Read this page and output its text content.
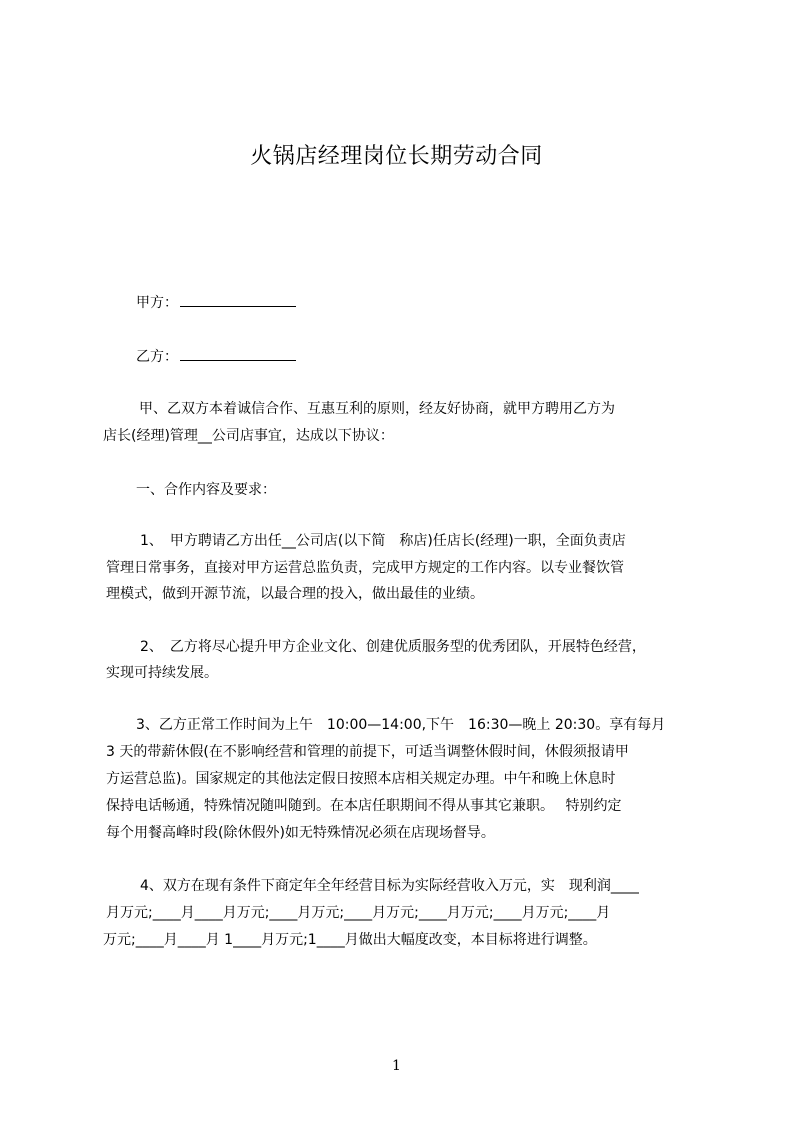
火锅店经理岗位长期劳动合同
甲方：
乙方：
甲、乙双方本着诚信合作、互惠互利的原则，经友好协商，就甲方聘用乙方为
店长(经理)管理__公司店事宜，达成以下协议：
一、合作内容及要求：
1、　甲方聘请乙方出任__公司店(以下简　称店)任店长(经理)一职，全面负责店
管理日常事务，直接对甲方运营总监负责，完成甲方规定的工作内容。以专业餐饮管
理模式，做到开源节流，以最合理的投入，做出最佳的业绩。
2、　乙方将尽心提升甲方企业文化、创建优质服务型的优秀团队，开展特色经营，
实现可持续发展。
3、乙方正常工作时间为上午　10:00—14:00,下午　16:30—晚上 20:30。享有每月
3 天的带薪休假(在不影响经营和管理的前提下，可适当调整休假时间，休假须报请甲
方运营总监)。国家规定的其他法定假日按照本店相关规定办理。中午和晚上休息时
保持电话畅通，特殊情况随叫随到。在本店任职期间不得从事其它兼职。　 特别约定
每个用餐高峰时段(除休假外)如无特殊情况必须在店现场督导。
4、双方在现有条件下商定年全年经营目标为实际经营收入万元，实　现利润____
月万元;____月____月万元;____月万元;____月万元;____月万元;____月万元;____月
万元;____月____月 1____月万元;1____月做出大幅度改变，本目标将进行调整。
1
